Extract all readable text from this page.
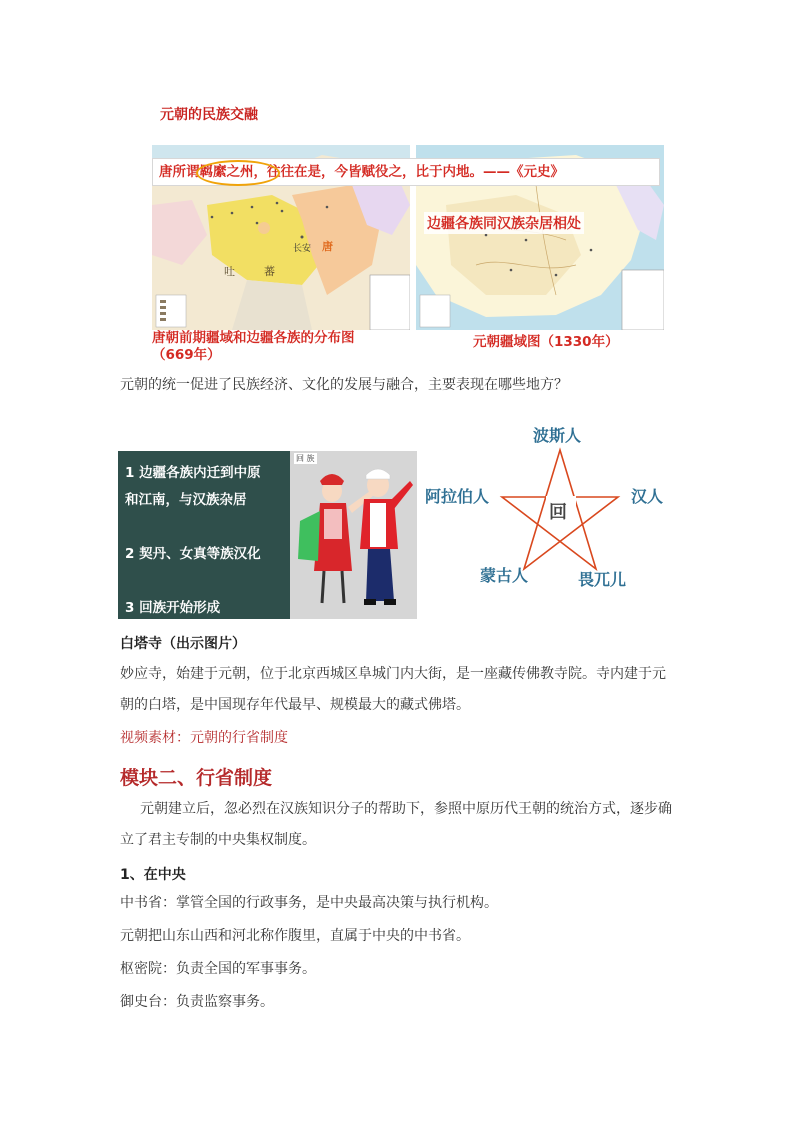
元朝的民族交融
吐	蕃
长安 唐
唐所谓羁縻之州，往往在是，今皆赋役之，比于内地。——《元史》
边疆各族同汉族杂居相处
唐朝前期疆域和边疆各族的分布图（669年）
元朝疆域图（1330年）
元朝的统一促进了民族经济、文化的发展与融合，主要表现在哪些地方？
1 边疆各族内迁到中原
和江南，与汉族杂居
2 契丹、女真等族汉化
3 回族开始形成
回 族
波斯人
阿拉伯人	汉人
回
蒙古人	畏兀儿
白塔寺（出示图片）
妙应寺，始建于元朝，位于北京西城区阜城门内大街，是一座藏传佛教寺院。寺内建于元
朝的白塔，是中国现存年代最早、规模最大的藏式佛塔。
视频素材：元朝的行省制度
模块二、行省制度
元朝建立后，忽必烈在汉族知识分子的帮助下，参照中原历代王朝的统治方式，逐步确
立了君主专制的中央集权制度。
1、在中央
中书省：掌管全国的行政事务，是中央最高决策与执行机构。
元朝把山东山西和河北称作腹里，直属于中央的中书省。
枢密院：负责全国的军事事务。
御史台：负责监察事务。
